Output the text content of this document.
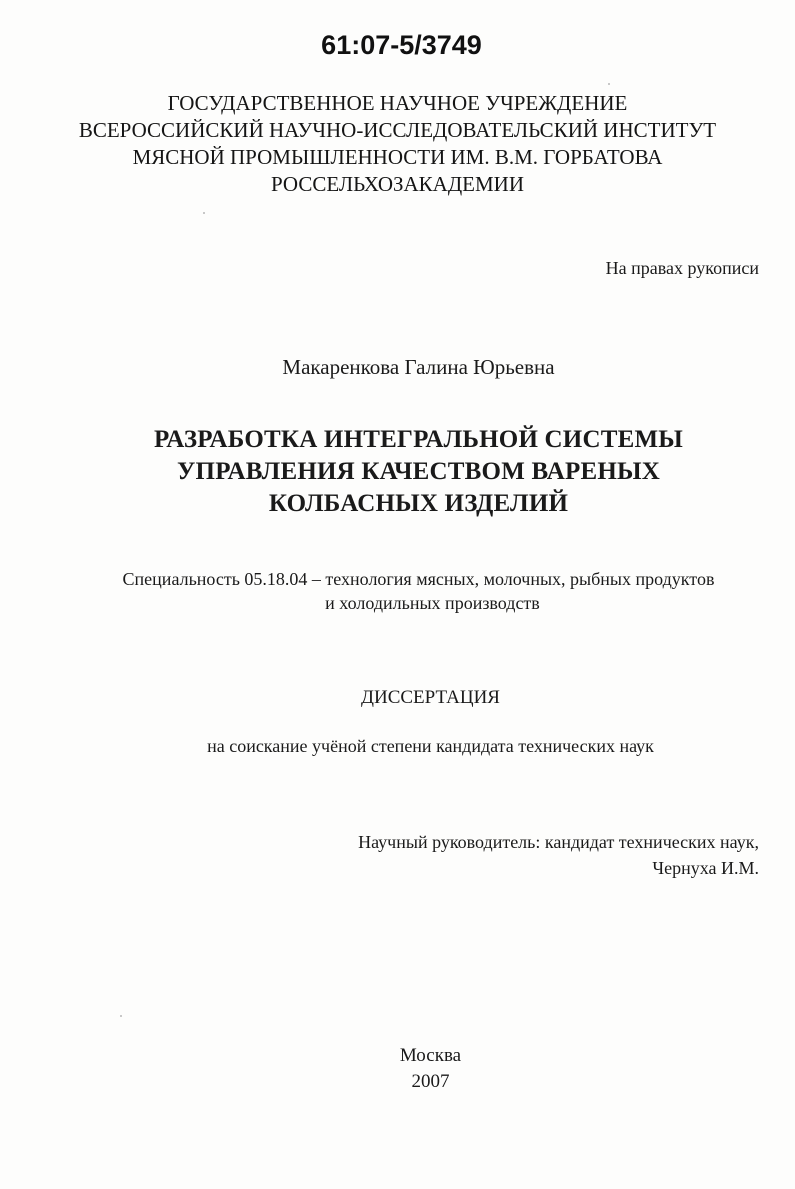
61:07-5/3749
ГОСУДАРСТВЕННОЕ НАУЧНОЕ УЧРЕЖДЕНИЕ
ВСЕРОССИЙСКИЙ НАУЧНО-ИССЛЕДОВАТЕЛЬСКИЙ ИНСТИТУТ
МЯСНОЙ ПРОМЫШЛЕННОСТИ ИМ. В.М. ГОРБАТОВА
РОССЕЛЬХОЗАКАДЕМИИ
На правах рукописи
Макаренкова Галина Юрьевна
РАЗРАБОТКА ИНТЕГРАЛЬНОЙ СИСТЕМЫ
УПРАВЛЕНИЯ КАЧЕСТВОМ ВАРЕНЫХ
КОЛБАСНЫХ ИЗДЕЛИЙ
Специальность 05.18.04 – технология мясных, молочных, рыбных продуктов
и холодильных производств
ДИССЕРТАЦИЯ
на соискание учёной степени кандидата технических наук
Научный руководитель: кандидат технических наук,
Чернуха И.М.
Москва
2007
